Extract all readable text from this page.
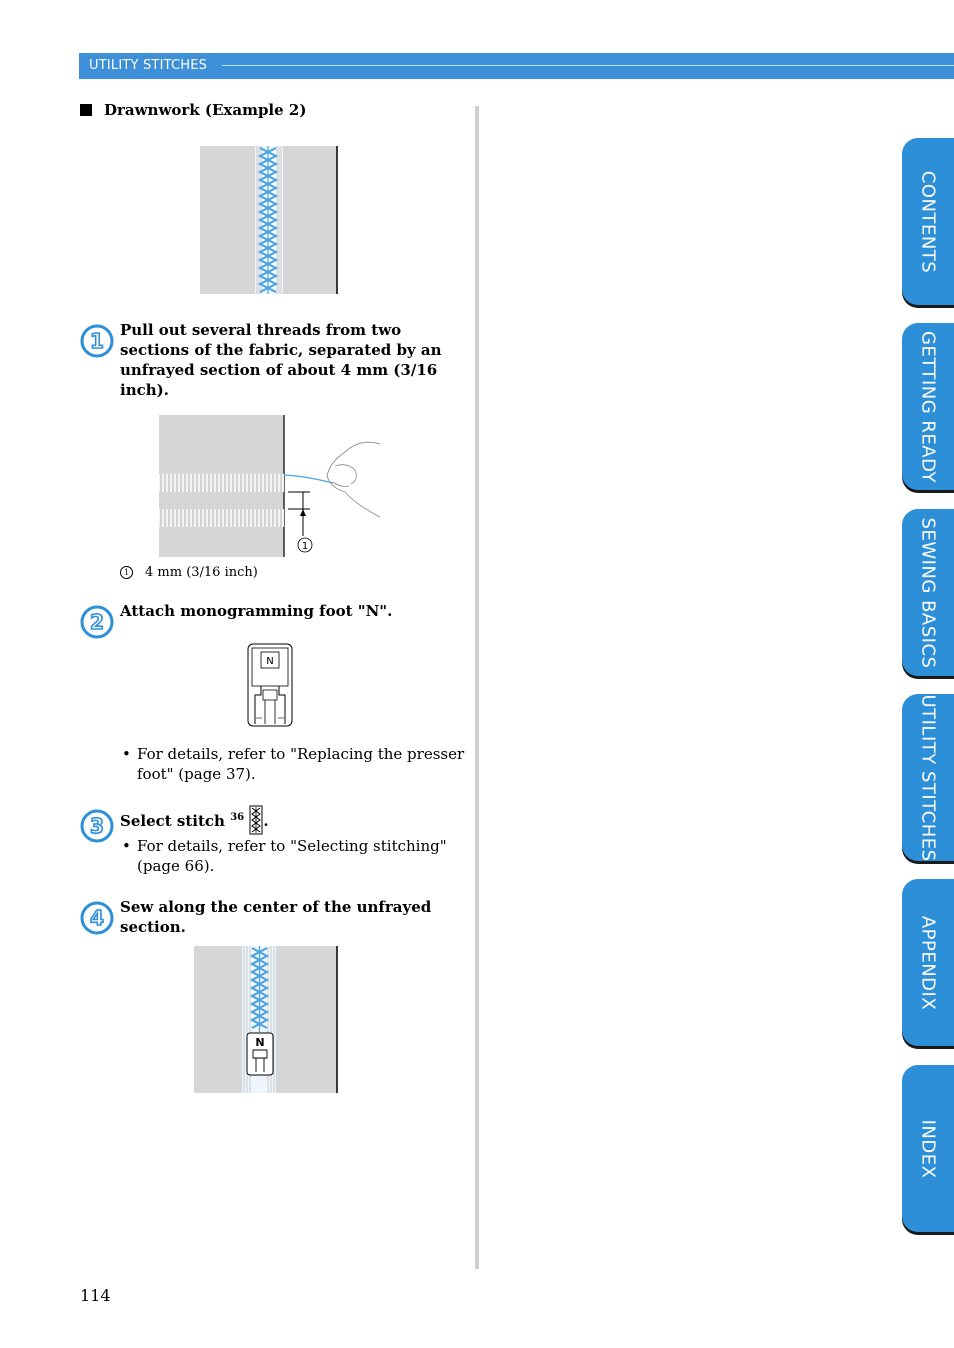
UTILITY STITCHES
Drawnwork (Example 2)
1 Pull out several threads from two sections of the fabric, separated by an unfrayed section of about 4 mm (3/16 inch).
1
1 4 mm (3/16 inch)
2 Attach monogramming foot "N".
N
• For details, refer to "Replacing the presser foot" (page 37).
3 Select stitch $^{36}$ .
• For details, refer to "Selecting stitching" (page 66).
4 Sew along the center of the unfrayed section.
N
114
CONTENTS
GETTING READY
SEWING BASICS
UTILITY STITCHES
APPENDIX
INDEX
